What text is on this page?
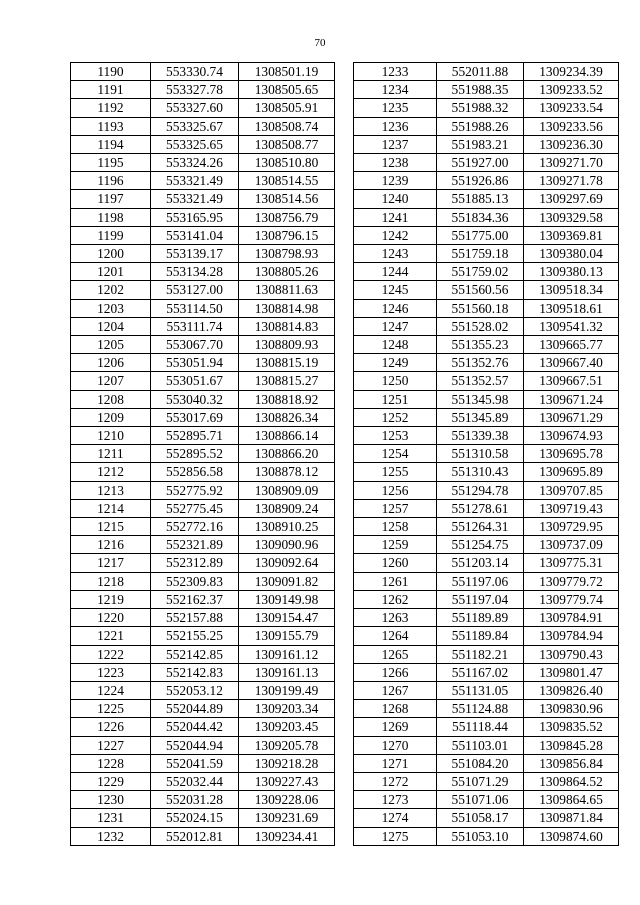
70
1190	553330.74	1308501.19
1191	553327.78	1308505.65
1192	553327.60	1308505.91
1193	553325.67	1308508.74
1194	553325.65	1308508.77
1195	553324.26	1308510.80
1196	553321.49	1308514.55
1197	553321.49	1308514.56
1198	553165.95	1308756.79
1199	553141.04	1308796.15
1200	553139.17	1308798.93
1201	553134.28	1308805.26
1202	553127.00	1308811.63
1203	553114.50	1308814.98
1204	553111.74	1308814.83
1205	553067.70	1308809.93
1206	553051.94	1308815.19
1207	553051.67	1308815.27
1208	553040.32	1308818.92
1209	553017.69	1308826.34
1210	552895.71	1308866.14
1211	552895.52	1308866.20
1212	552856.58	1308878.12
1213	552775.92	1308909.09
1214	552775.45	1308909.24
1215	552772.16	1308910.25
1216	552321.89	1309090.96
1217	552312.89	1309092.64
1218	552309.83	1309091.82
1219	552162.37	1309149.98
1220	552157.88	1309154.47
1221	552155.25	1309155.79
1222	552142.85	1309161.12
1223	552142.83	1309161.13
1224	552053.12	1309199.49
1225	552044.89	1309203.34
1226	552044.42	1309203.45
1227	552044.94	1309205.78
1228	552041.59	1309218.28
1229	552032.44	1309227.43
1230	552031.28	1309228.06
1231	552024.15	1309231.69
1232	552012.81	1309234.41
1233	552011.88	1309234.39
1234	551988.35	1309233.52
1235	551988.32	1309233.54
1236	551988.26	1309233.56
1237	551983.21	1309236.30
1238	551927.00	1309271.70
1239	551926.86	1309271.78
1240	551885.13	1309297.69
1241	551834.36	1309329.58
1242	551775.00	1309369.81
1243	551759.18	1309380.04
1244	551759.02	1309380.13
1245	551560.56	1309518.34
1246	551560.18	1309518.61
1247	551528.02	1309541.32
1248	551355.23	1309665.77
1249	551352.76	1309667.40
1250	551352.57	1309667.51
1251	551345.98	1309671.24
1252	551345.89	1309671.29
1253	551339.38	1309674.93
1254	551310.58	1309695.78
1255	551310.43	1309695.89
1256	551294.78	1309707.85
1257	551278.61	1309719.43
1258	551264.31	1309729.95
1259	551254.75	1309737.09
1260	551203.14	1309775.31
1261	551197.06	1309779.72
1262	551197.04	1309779.74
1263	551189.89	1309784.91
1264	551189.84	1309784.94
1265	551182.21	1309790.43
1266	551167.02	1309801.47
1267	551131.05	1309826.40
1268	551124.88	1309830.96
1269	551118.44	1309835.52
1270	551103.01	1309845.28
1271	551084.20	1309856.84
1272	551071.29	1309864.52
1273	551071.06	1309864.65
1274	551058.17	1309871.84
1275	551053.10	1309874.60
